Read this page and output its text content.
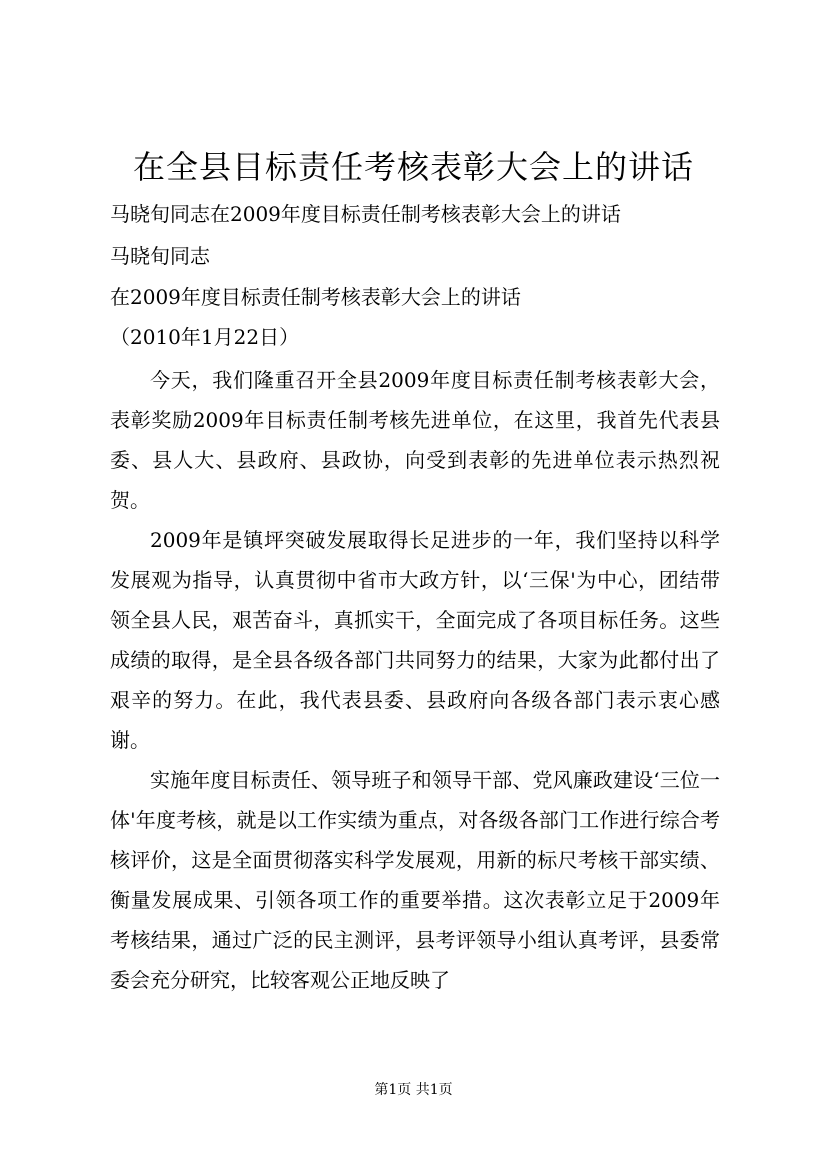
在全县目标责任考核表彰大会上的讲话
马晓旬同志在2009年度目标责任制考核表彰大会上的讲话
马晓旬同志
在2009年度目标责任制考核表彰大会上的讲话
（2010年1月22日）
今天，我们隆重召开全县2009年度目标责任制考核表彰大会，表彰奖励2009年目标责任制考核先进单位，在这里，我首先代表县委、县人大、县政府、县政协，向受到表彰的先进单位表示热烈祝贺。
2009年是镇坪突破发展取得长足进步的一年，我们坚持以科学发展观为指导，认真贯彻中省市大政方针，以‘三保'为中心，团结带领全县人民，艰苦奋斗，真抓实干，全面完成了各项目标任务。这些成绩的取得，是全县各级各部门共同努力的结果，大家为此都付出了艰辛的努力。在此，我代表县委、县政府向各级各部门表示衷心感谢。
实施年度目标责任、领导班子和领导干部、党风廉政建设‘三位一体'年度考核，就是以工作实绩为重点，对各级各部门工作进行综合考核评价，这是全面贯彻落实科学发展观，用新的标尺考核干部实绩、衡量发展成果、引领各项工作的重要举措。这次表彰立足于2009年考核结果，通过广泛的民主测评，县考评领导小组认真考评，县委常委会充分研究，比较客观公正地反映了
第1页 共1页
